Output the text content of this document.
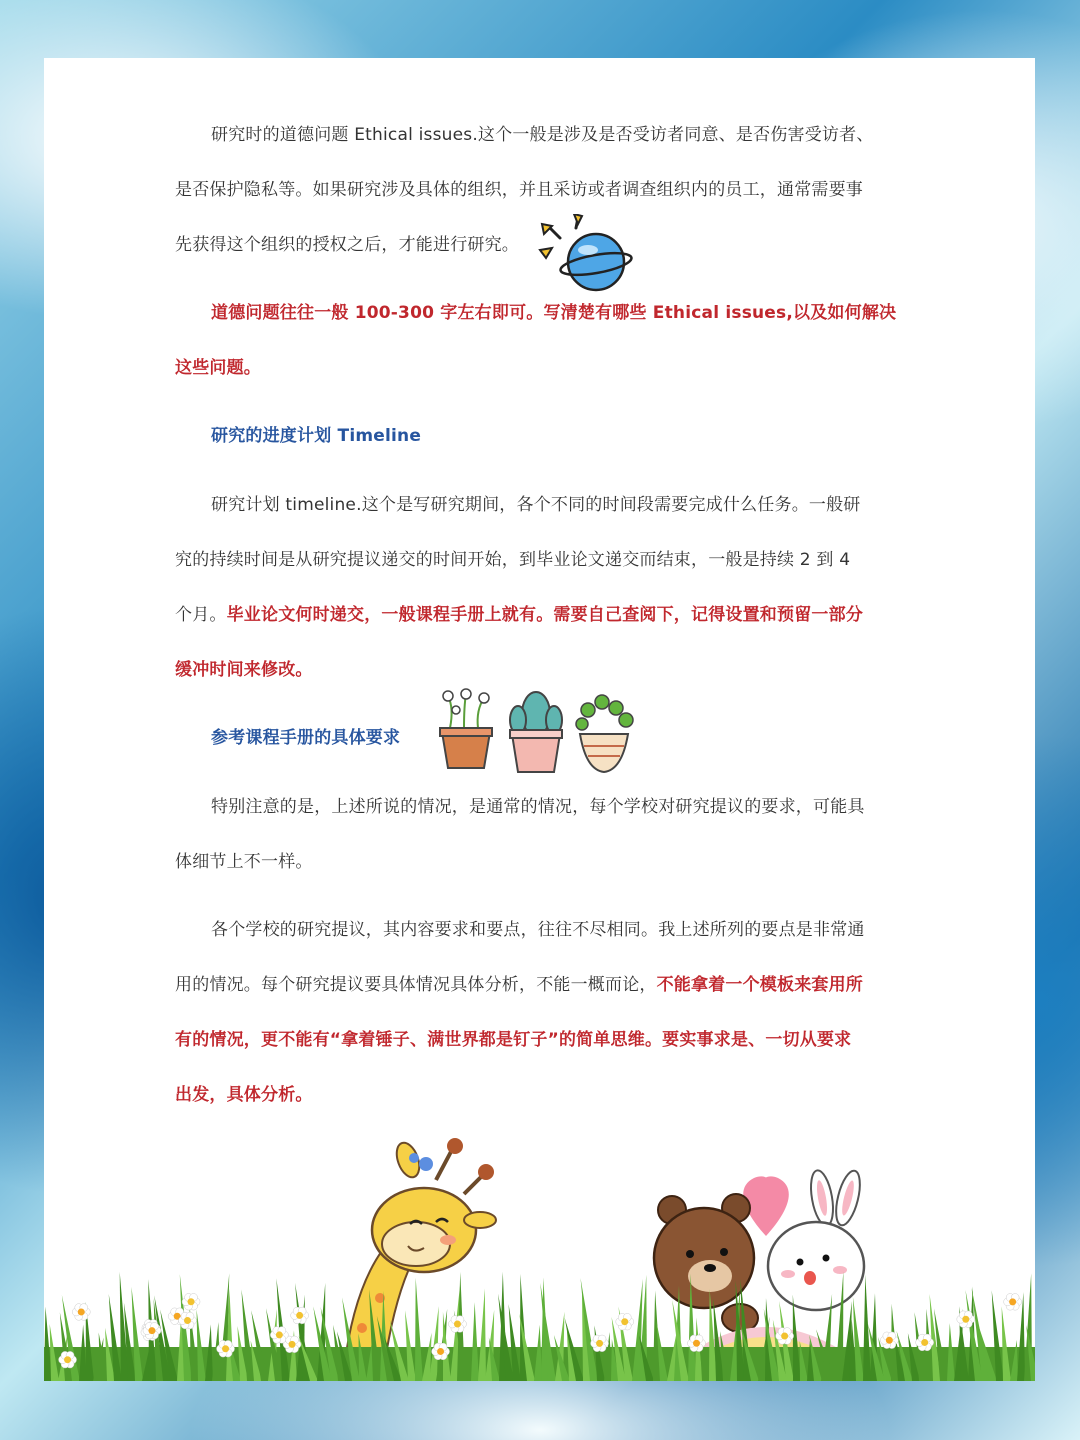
研究时的道德问题 Ethical issues.这个一般是涉及是否受访者同意、是否伤害受访者、
是否保护隐私等。如果研究涉及具体的组织，并且采访或者调查组织内的员工，通常需要事
先获得这个组织的授权之后，才能进行研究。
道德问题往往一般 100-300 字左右即可。写清楚有哪些 Ethical issues,以及如何解决
这些问题。
研究的进度计划 Timeline
研究计划 timeline.这个是写研究期间，各个不同的时间段需要完成什么任务。一般研
究的持续时间是从研究提议递交的时间开始，到毕业论文递交而结束，一般是持续 2 到 4
个月。毕业论文何时递交，一般课程手册上就有。需要自己查阅下，记得设置和预留一部分
缓冲时间来修改。
参考课程手册的具体要求
特别注意的是，上述所说的情况，是通常的情况，每个学校对研究提议的要求，可能具
体细节上不一样。
各个学校的研究提议，其内容要求和要点，往往不尽相同。我上述所列的要点是非常通
用的情况。每个研究提议要具体情况具体分析，不能一概而论，不能拿着一个模板来套用所
有的情况，更不能有“拿着锤子、满世界都是钉子”的简单思维。要实事求是、一切从要求
出发，具体分析。
